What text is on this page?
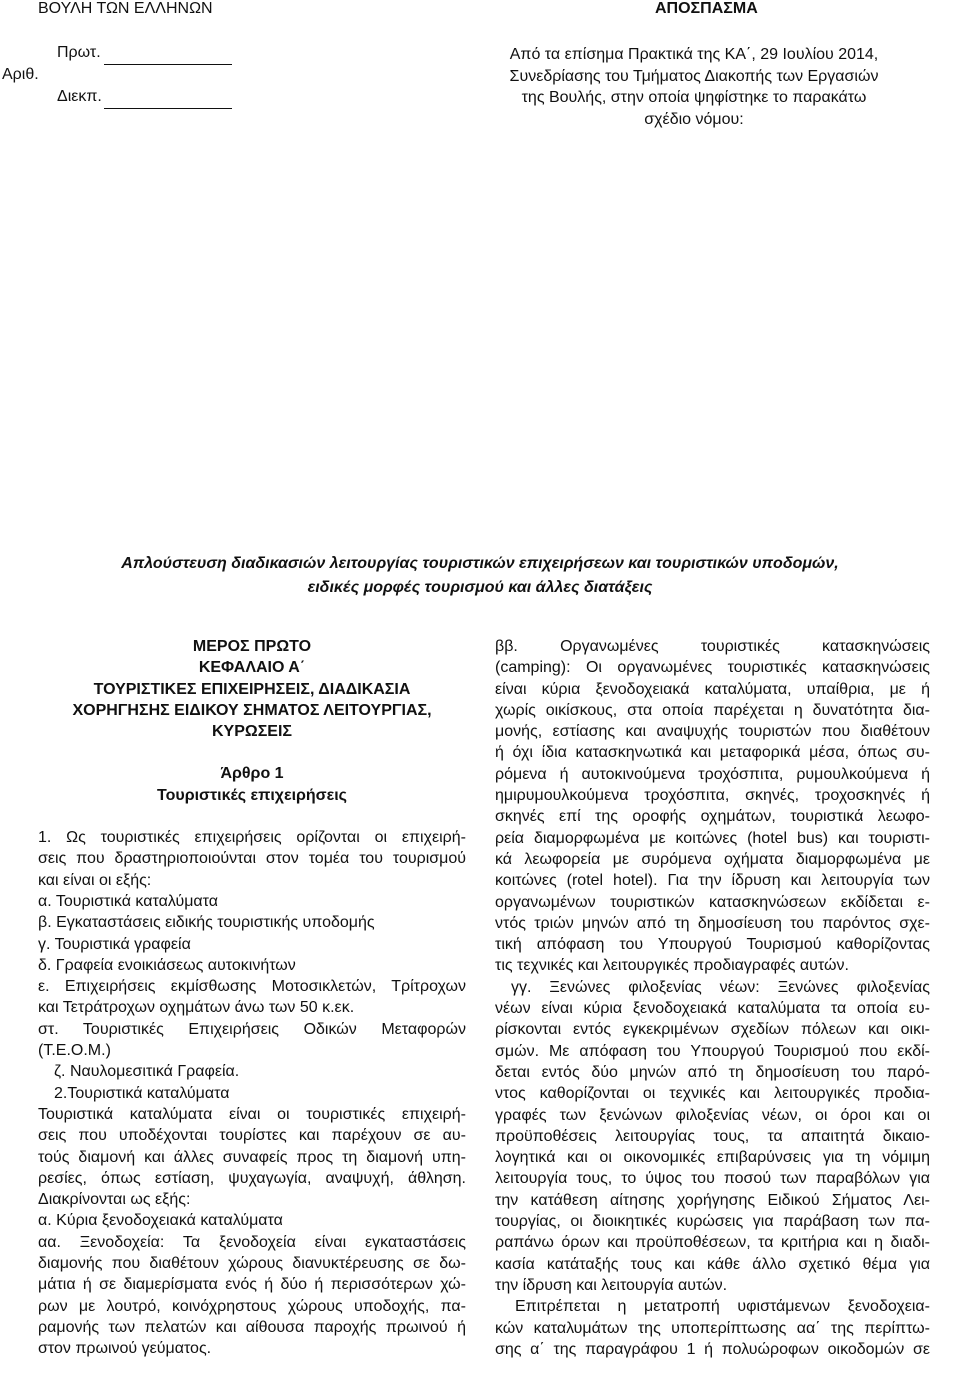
ΒΟΥΛΗ ΤΩΝ ΕΛΛΗΝΩΝ	ΑΠΟΣΠΑΣΜΑ
Πρωτ.
Αριθ.
Διεκπ.
Από τα επίσημα Πρακτικά της ΚΑ΄, 29 Ιουλίου 2014,
Συνεδρίασης του Τμήματος Διακοπής των Εργασιών
της Βουλής, στην οποία ψηφίστηκε το παρακάτω
σχέδιο νόμου:
Απλούστευση διαδικασιών λειτουργίας τουριστικών επιχειρήσεων και τουριστικών υποδομών,
ειδικές μορφές τουρισμού και άλλες διατάξεις
ΜΕΡΟΣ ΠΡΩΤΟ
ΚΕΦΑΛΑΙΟ Α΄
ΤΟΥΡΙΣΤΙΚΕΣ ΕΠΙΧΕΙΡΗΣΕΙΣ, ΔΙΑΔΙΚΑΣΙΑ
ΧΟΡΗΓΗΣΗΣ ΕΙΔΙΚΟΥ ΣΗΜΑΤΟΣ ΛΕΙΤΟΥΡΓΙΑΣ,
ΚΥΡΩΣΕΙΣ
Άρθρο 1
Τουριστικές επιχειρήσεις
1. Ως τουριστικές επιχειρήσεις ορίζονται οι επιχειρή-
σεις που δραστηριοποιούνται στον τομέα του τουρισμού
και είναι οι εξής:
α. Τουριστικά καταλύματα
β. Εγκαταστάσεις ειδικής τουριστικής υποδομής
γ. Τουριστικά γραφεία
δ. Γραφεία ενοικιάσεως αυτοκινήτων
ε. Επιχειρήσεις εκμίσθωσης Μοτοσικλετών, Τρίτροχων
και Τετράτροχων οχημάτων άνω των 50 κ.εκ.
στ. Τουριστικές Επιχειρήσεις Οδικών Μεταφορών
(Τ.Ε.Ο.Μ.)
ζ. Ναυλομεσιτικά Γραφεία.
2.Τουριστικά καταλύματα
Τουριστικά καταλύματα είναι οι τουριστικές επιχειρή-
σεις που υποδέχονται τουρίστες και παρέχουν σε αυ-
τούς διαμονή και άλλες συναφείς προς τη διαμονή υπη-
ρεσίες, όπως εστίαση, ψυχαγωγία, αναψυχή, άθληση.
Διακρίνονται ως εξής:
α. Κύρια ξενοδοχειακά καταλύματα
αα. Ξενοδοχεία: Τα ξενοδοχεία είναι εγκαταστάσεις
διαμονής που διαθέτουν χώρους διανυκτέρευσης σε δω-
μάτια ή σε διαμερίσματα ενός ή δύο ή περισσότερων χώ-
ρων με λουτρό, κοινόχρηστους χώρους υποδοχής, πα-
ραμονής των πελατών και αίθουσα παροχής πρωινού ή
στον πρωινού γεύματος.
ββ. Οργανωμένες τουριστικές κατασκηνώσεις
(camping): Οι οργανωμένες τουριστικές κατασκηνώσεις
είναι κύρια ξενοδοχειακά καταλύματα, υπαίθρια, με ή
χωρίς οικίσκους, στα οποία παρέχεται η δυνατότητα δια-
μονής, εστίασης και αναψυχής τουριστών που διαθέτουν
ή όχι ίδια κατασκηνωτικά και μεταφορικά μέσα, όπως συ-
ρόμενα ή αυτοκινούμενα τροχόσπιτα, ρυμουλκούμενα ή
ημιρυμουλκούμενα τροχόσπιτα, σκηνές, τροχοσκηνές ή
σκηνές επί της οροφής οχημάτων, τουριστικά λεωφο-
ρεία διαμορφωμένα με κοιτώνες (hotel bus) και τουριστι-
κά λεωφορεία με συρόμενα οχήματα διαμορφωμένα με
κοιτώνες (rotel hotel). Για την ίδρυση και λειτουργία των
οργανωμένων τουριστικών κατασκηνώσεων εκδίδεται ε-
ντός τριών μηνών από τη δημοσίευση του παρόντος σχε-
τική απόφαση του Υπουργού Τουρισμού καθορίζοντας
τις τεχνικές και λειτουργικές προδιαγραφές αυτών.
γγ. Ξενώνες φιλοξενίας νέων: Ξενώνες φιλοξενίας
νέων είναι κύρια ξενοδοχειακά καταλύματα τα οποία ευ-
ρίσκονται εντός εγκεκριμένων σχεδίων πόλεων και οικι-
σμών. Με απόφαση του Υπουργού Τουρισμού που εκδί-
δεται εντός δύο μηνών από τη δημοσίευση του παρό-
ντος καθορίζονται οι τεχνικές και λειτουργικές προδια-
γραφές των ξενώνων φιλοξενίας νέων, οι όροι και οι
προϋποθέσεις λειτουργίας τους, τα απαιτητά δικαιο-
λογητικά και οι οικονομικές επιβαρύνσεις για τη νόμιμη
λειτουργία τους, το ύψος του ποσού των παραβόλων για
την κατάθεση αίτησης χορήγησης Ειδικού Σήματος Λει-
τουργίας, οι διοικητικές κυρώσεις για παράβαση των πα-
ραπάνω όρων και προϋποθέσεων, τα κριτήρια και η διαδι-
κασία κατάταξής τους και κάθε άλλο σχετικό θέμα για
την ίδρυση και λειτουργία αυτών.
Επιτρέπεται η μετατροπή υφιστάμενων ξενοδοχεια-
κών καταλυμάτων της υποπερίπτωσης αα΄ της περίπτω-
σης α΄ της παραγράφου 1 ή πολυώροφων οικοδομών σε
